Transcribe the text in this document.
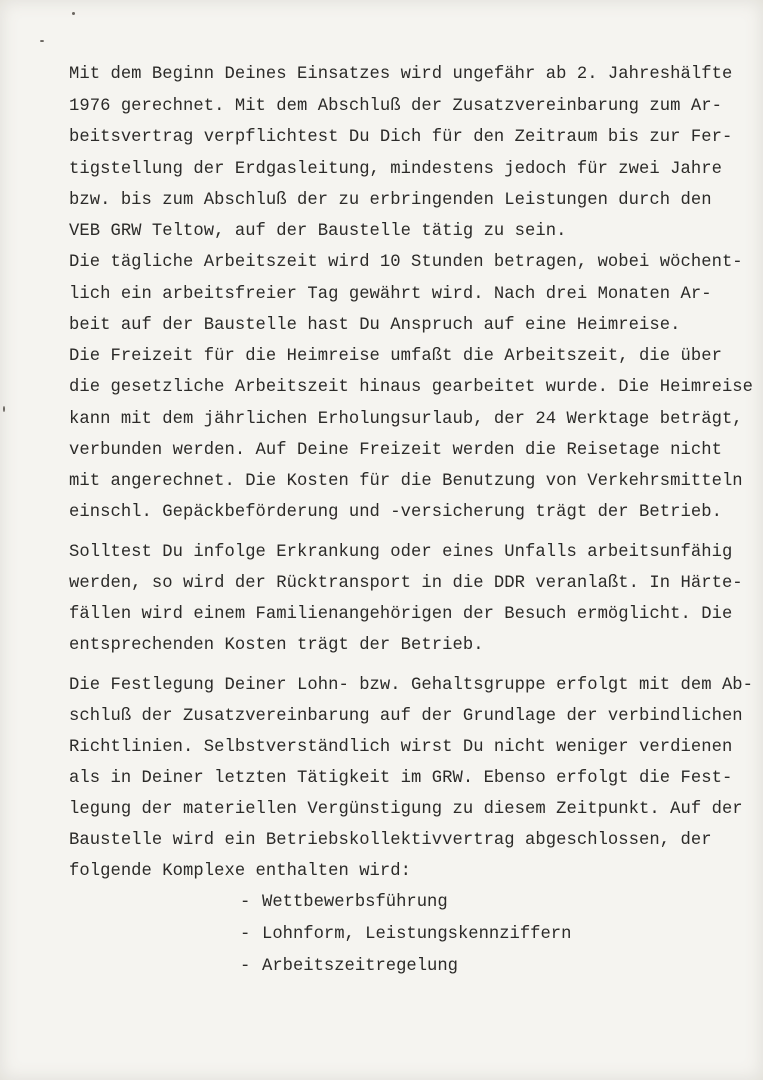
Mit dem Beginn Deines Einsatzes wird ungefähr ab 2. Jahreshälfte
1976 gerechnet. Mit dem Abschluß der Zusatzvereinbarung zum Ar-
beitsvertrag verpflichtest Du Dich für den Zeitraum bis zur Fer-
tigstellung der Erdgasleitung, mindestens jedoch für zwei Jahre
bzw. bis zum Abschluß der zu erbringenden Leistungen durch den
VEB GRW Teltow, auf der Baustelle tätig zu sein.
Die tägliche Arbeitszeit wird 10 Stunden betragen, wobei wöchent-
lich ein arbeitsfreier Tag gewährt wird. Nach drei Monaten Ar-
beit auf der Baustelle hast Du Anspruch auf eine Heimreise.
Die Freizeit für die Heimreise umfaßt die Arbeitszeit, die über
die gesetzliche Arbeitszeit hinaus gearbeitet wurde. Die Heimreise
kann mit dem jährlichen Erholungsurlaub, der 24 Werktage beträgt,
verbunden werden. Auf Deine Freizeit werden die Reisetage nicht
mit angerechnet. Die Kosten für die Benutzung von Verkehrsmitteln
einschl. Gepäckbeförderung und -versicherung trägt der Betrieb.
Solltest Du infolge Erkrankung oder eines Unfalls arbeitsunfähig
werden, so wird der Rücktransport in die DDR veranlaßt. In Härte-
fällen wird einem Familienangehörigen der Besuch ermöglicht. Die
entsprechenden Kosten trägt der Betrieb.
Die Festlegung Deiner Lohn- bzw. Gehaltsgruppe erfolgt mit dem Ab-
schluß der Zusatzvereinbarung auf der Grundlage der verbindlichen
Richtlinien. Selbstverständlich wirst Du nicht weniger verdienen
als in Deiner letzten Tätigkeit im GRW. Ebenso erfolgt die Fest-
legung der materiellen Vergünstigung zu diesem Zeitpunkt. Auf der
Baustelle wird ein Betriebskollektivvertrag abgeschlossen, der
folgende Komplexe enthalten wird:
- Wettbewerbsführung
- Lohnform, Leistungskennziffern
- Arbeitszeitregelung
